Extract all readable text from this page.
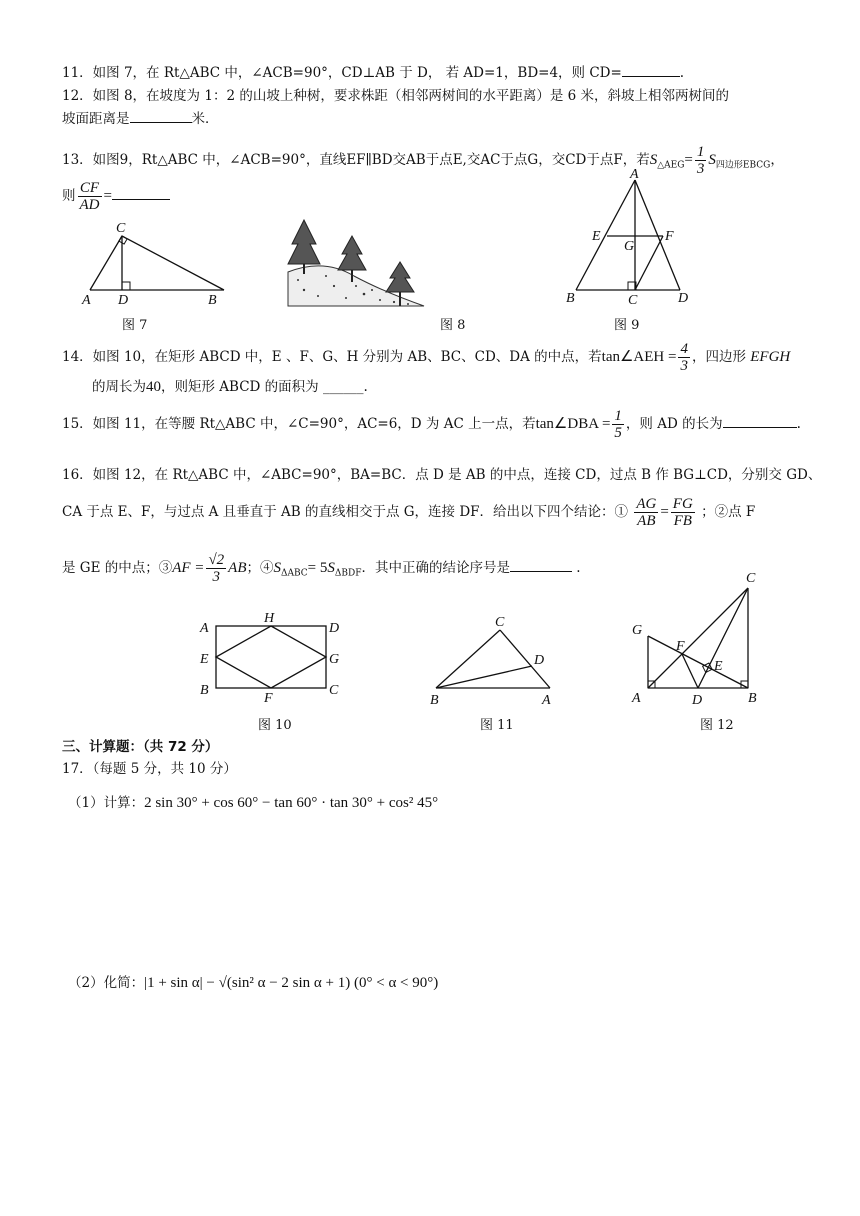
11．如图 7，在 Rt△ABC 中，∠ACB=90°，CD⊥AB 于 D， 若 AD=1，BD=4，则 CD=	.
12．如图 8，在坡度为 1：2 的山坡上种树，要求株距（相邻两树间的水平距离）是 6 米，斜坡上相邻两树间的
坡面距离是	米．
13．如图9，Rt△ABC 中，∠ACB=90°，直线EF∥BD交AB于点E,交AC于点G，交CD于点F，若$S_{\triangle AEG}= \frac{1}{3} S_{四边形EBCG}$，
则 $\frac{CF}{AD}$ =
C
A D	B
图 7	图 8
A
E
G
F
B	C	D
图 9
14．如图 10，在矩形 ABCD 中，E 、F、G、H 分别为 AB、BC、CD、DA 的中点，若tan∠AEH = $\frac{4}{3}$ ，四边形 EFGH
的周长为40，则矩形 ABCD 的面积为 ______.
15．如图 11，在等腰 Rt△ABC 中，∠C=90°，AC=6，D 为 AC 上一点，若tan∠DBA = $\frac{1}{5}$ ，则 AD 的长为	.
16．如图 12，在 Rt△ABC 中，∠ABC=90°，BA=BC．点 D 是 AB 的中点，连接 CD，过点 B 作 BG⊥CD，分别交 GD、
CA 于点 E、F，与过点 A 且垂直于 AB 的直线相交于点 G，连接 DF．给出以下四个结论：① $\frac{AG}{AB} = \frac{FG}{FB}$ ；②点 F
是 GE 的中点；③AF = $\frac{√2}{3}$ AB；$④S_{\Delta ABC}= 5S_{\Delta BDF}$．其中正确的结论序号是	.
A
H
D
E	G
B
F
C
图 10
C
D
B	A
图 11
C
G
F
E
A	D	B
图 12
三、计算题：（共 72 分）
17．（每题 5 分，共 10 分）
（1）计算：2 sin 30° + cos 60° − tan 60° · tan 30° + cos² 45°
（2）化简：|1 + sin α| − √(sin² α − 2 sin α + 1) (0° < α < 90°)
